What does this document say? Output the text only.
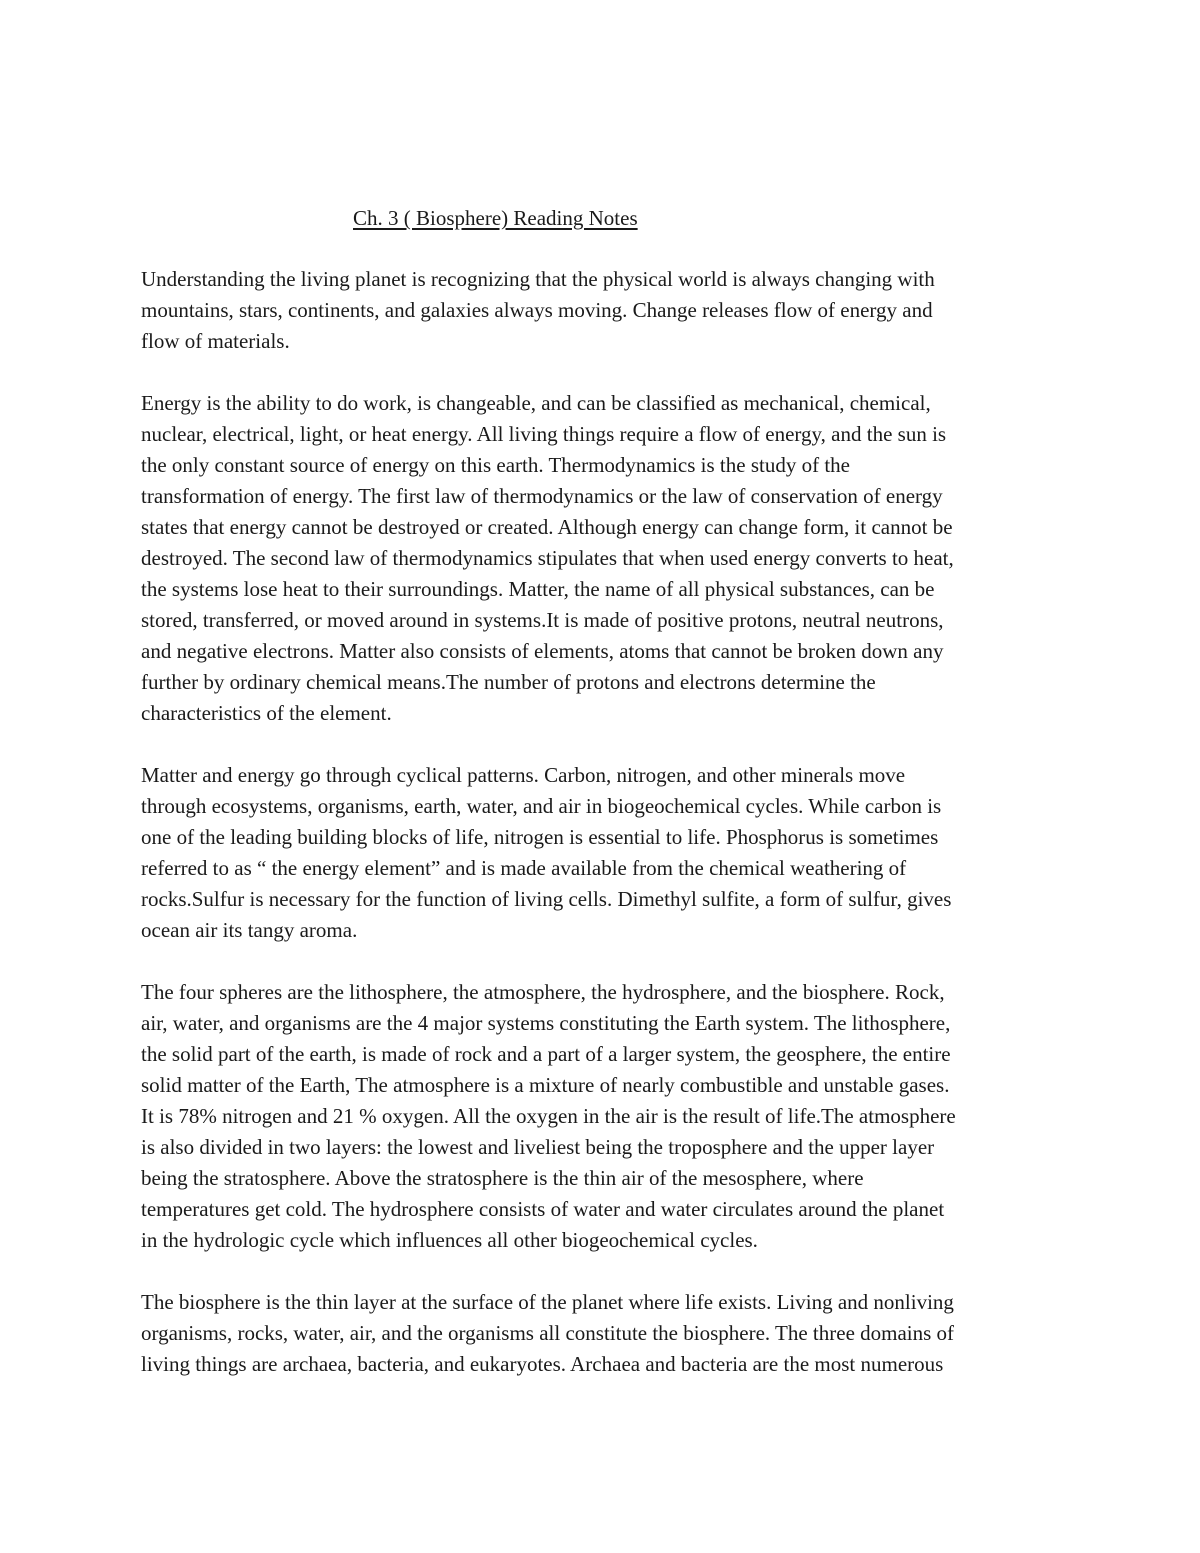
Ch. 3 ( Biosphere) Reading Notes

Understanding the living planet is recognizing that the physical world is always changing with
mountains, stars, continents, and galaxies always moving. Change releases flow of energy and
flow of materials.

Energy is the ability to do work, is changeable, and can be classified as mechanical, chemical,
nuclear, electrical, light, or heat energy. All living things require a flow of energy, and the sun is
the only constant source of energy on this earth. Thermodynamics is the study of the
transformation of energy. The first law of thermodynamics or the law of conservation of energy
states that energy cannot be destroyed or created. Although energy can change form, it cannot be
destroyed. The second law of thermodynamics stipulates that when used energy converts to heat,
the systems lose heat to their surroundings. Matter, the name of all physical substances, can be
stored, transferred, or moved around in systems.It is made of positive protons, neutral neutrons,
and negative electrons. Matter also consists of elements, atoms that cannot be broken down any
further by ordinary chemical means.The number of protons and electrons determine the
characteristics of the element.

Matter and energy go through cyclical patterns. Carbon, nitrogen, and other minerals move
through ecosystems, organisms, earth, water, and air in biogeochemical cycles. While carbon is
one of the leading building blocks of life, nitrogen is essential to life. Phosphorus is sometimes
referred to as “ the energy element” and is made available from the chemical weathering of
rocks.Sulfur is necessary for the function of living cells. Dimethyl sulfite, a form of sulfur, gives
ocean air its tangy aroma.

The four spheres are the lithosphere, the atmosphere, the hydrosphere, and the biosphere. Rock,
air, water, and organisms are the 4 major systems constituting the Earth system. The lithosphere,
the solid part of the earth, is made of rock and a part of a larger system, the geosphere, the entire
solid matter of the Earth, The atmosphere is a mixture of nearly combustible and unstable gases.
It is 78% nitrogen and 21 % oxygen. All the oxygen in the air is the result of life.The atmosphere
is also divided in two layers: the lowest and liveliest being the troposphere and the upper layer
being the stratosphere. Above the stratosphere is the thin air of the mesosphere, where
temperatures get cold. The hydrosphere consists of water and water circulates around the planet
in the hydrologic cycle which influences all other biogeochemical cycles.

The biosphere is the thin layer at the surface of the planet where life exists. Living and nonliving
organisms, rocks, water, air, and the organisms all constitute the biosphere. The three domains of
living things are archaea, bacteria, and eukaryotes. Archaea and bacteria are the most numerous
